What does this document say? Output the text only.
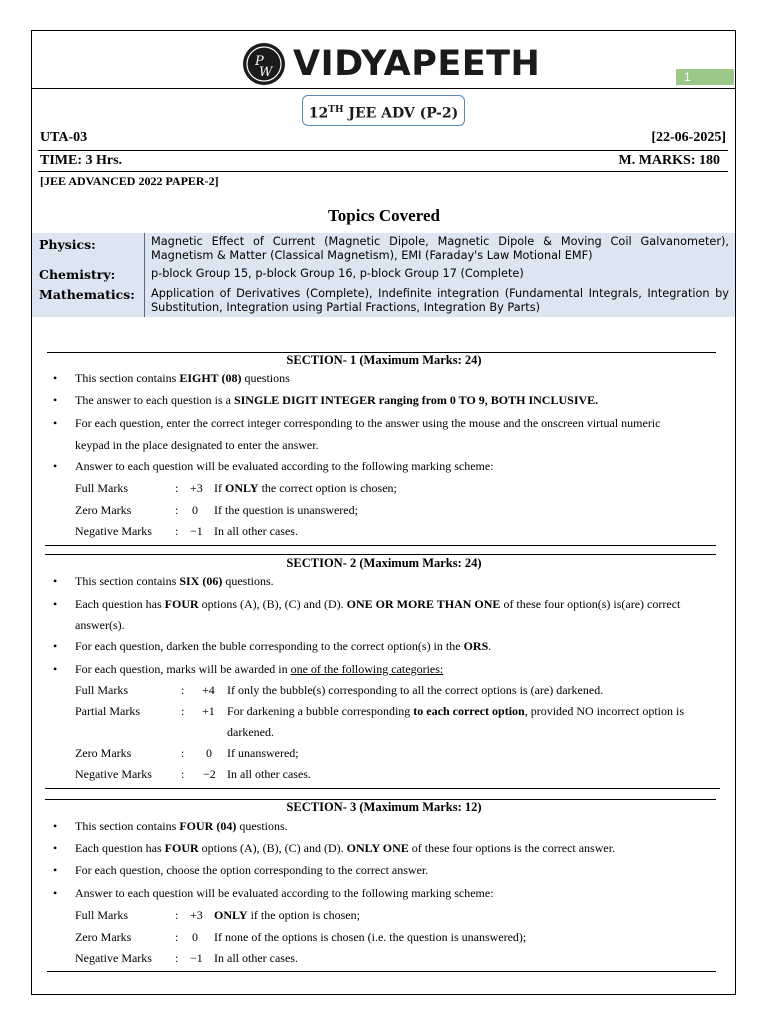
P
W VIDYAPEETH	1
12TH JEE ADV (P-2)
UTA-03	[22-06-2025]
TIME: 3 Hrs.	M. MARKS: 180
[JEE ADVANCED 2022 PAPER-2]
Topics Covered
Physics:	Magnetic Effect of Current (Magnetic Dipole, Magnetic Dipole & Moving Coil Galvanometer), Magnetism & Matter (Classical Magnetism), EMI (Faraday's Law Motional EMF)
Chemistry:	p-block Group 15, p-block Group 16, p-block Group 17 (Complete)
Mathematics:	Application of Derivatives (Complete), Indefinite integration (Fundamental Integrals, Integration by Substitution, Integration using Partial Fractions, Integration By Parts)
SECTION- 1 (Maximum Marks: 24)
• This section contains EIGHT (08) questions
• The answer to each question is a SINGLE DIGIT INTEGER ranging from 0 TO 9, BOTH INCLUSIVE.
• For each question, enter the correct integer corresponding to the answer using the mouse and the onscreen virtual numeric
keypad in the place designated to enter the answer.
• Answer to each question will be evaluated according to the following marking scheme:
Full Marks	: +3 If ONLY the correct option is chosen;
Zero Marks	: 0 If the question is unanswered;
Negative Marks : −1 In all other cases.
SECTION- 2 (Maximum Marks: 24)
• This section contains SIX (06) questions.
• Each question has FOUR options (A), (B), (C) and (D). ONE OR MORE THAN ONE of these four option(s) is(are) correct
answer(s).
• For each question, darken the buble corresponding to the correct option(s) in the ORS.
• For each question, marks will be awarded in one of the following categories:
Full Marks	: +4 If only the bubble(s) corresponding to all the correct options is (are) darkened.
Partial Marks	: +1 For darkening a bubble corresponding to each correct option, provided NO incorrect option is
darkened.
Zero Marks	: 0 If unanswered;
Negative Marks : −2 In all other cases.
SECTION- 3 (Maximum Marks: 12)
• This section contains FOUR (04) questions.
• Each question has FOUR options (A), (B), (C) and (D). ONLY ONE of these four options is the correct answer.
• For each question, choose the option corresponding to the correct answer.
• Answer to each question will be evaluated according to the following marking scheme:
Full Marks	: +3 ONLY if the option is chosen;
Zero Marks	: 0 If none of the options is chosen (i.e. the question is unanswered);
Negative Marks : −1 In all other cases.
